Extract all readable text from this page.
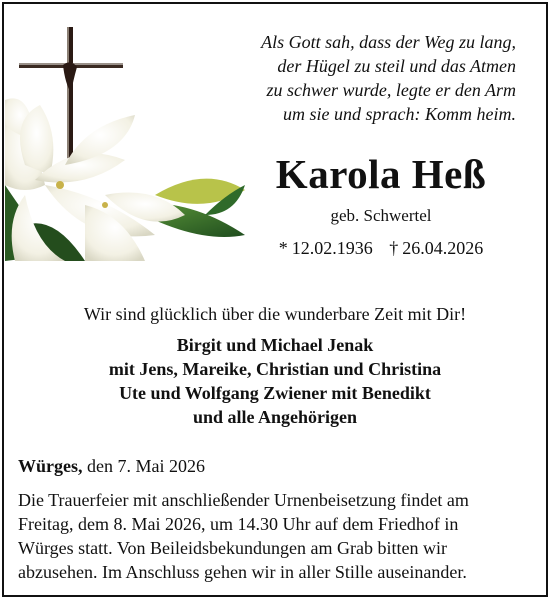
Als Gott sah, dass der Weg zu lang,
der Hügel zu steil und das Atmen
zu schwer wurde, legte er den Arm
um sie und sprach: Komm heim.
Karola Heß
geb. Schwertel
* 12.02.1936 † 26.04.2026
Wir sind glücklich über die wunderbare Zeit mit Dir!
Birgit und Michael Jenak
mit Jens, Mareike, Christian und Christina
Ute und Wolfgang Zwiener mit Benedikt
und alle Angehörigen
Würges, den 7. Mai 2026
Die Trauerfeier mit anschließender Urnenbeisetzung findet am
Freitag, dem 8. Mai 2026, um 14.30 Uhr auf dem Friedhof in
Würges statt. Von Beileidsbekundungen am Grab bitten wir
abzusehen. Im Anschluss gehen wir in aller Stille auseinander.
